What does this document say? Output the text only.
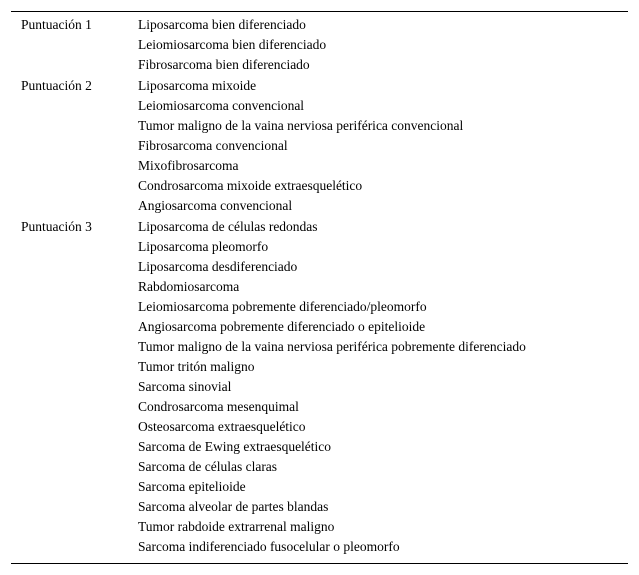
Puntuación 1	Liposarcoma bien diferenciado
Leiomiosarcoma bien diferenciado
Fibrosarcoma bien diferenciado
Puntuación 2	Liposarcoma mixoide
Leiomiosarcoma convencional
Tumor maligno de la vaina nerviosa periférica convencional
Fibrosarcoma convencional
Mixofibrosarcoma
Condrosarcoma mixoide extraesquelético
Angiosarcoma convencional
Puntuación 3	Liposarcoma de células redondas
Liposarcoma pleomorfo
Liposarcoma desdiferenciado
Rabdomiosarcoma
Leiomiosarcoma pobremente diferenciado/pleomorfo
Angiosarcoma pobremente diferenciado o epitelioide
Tumor maligno de la vaina nerviosa periférica pobremente diferenciado
Tumor tritón maligno
Sarcoma sinovial
Condrosarcoma mesenquimal
Osteosarcoma extraesquelético
Sarcoma de Ewing extraesquelético
Sarcoma de células claras
Sarcoma epitelioide
Sarcoma alveolar de partes blandas
Tumor rabdoide extrarrenal maligno
Sarcoma indiferenciado fusocelular o pleomorfo
